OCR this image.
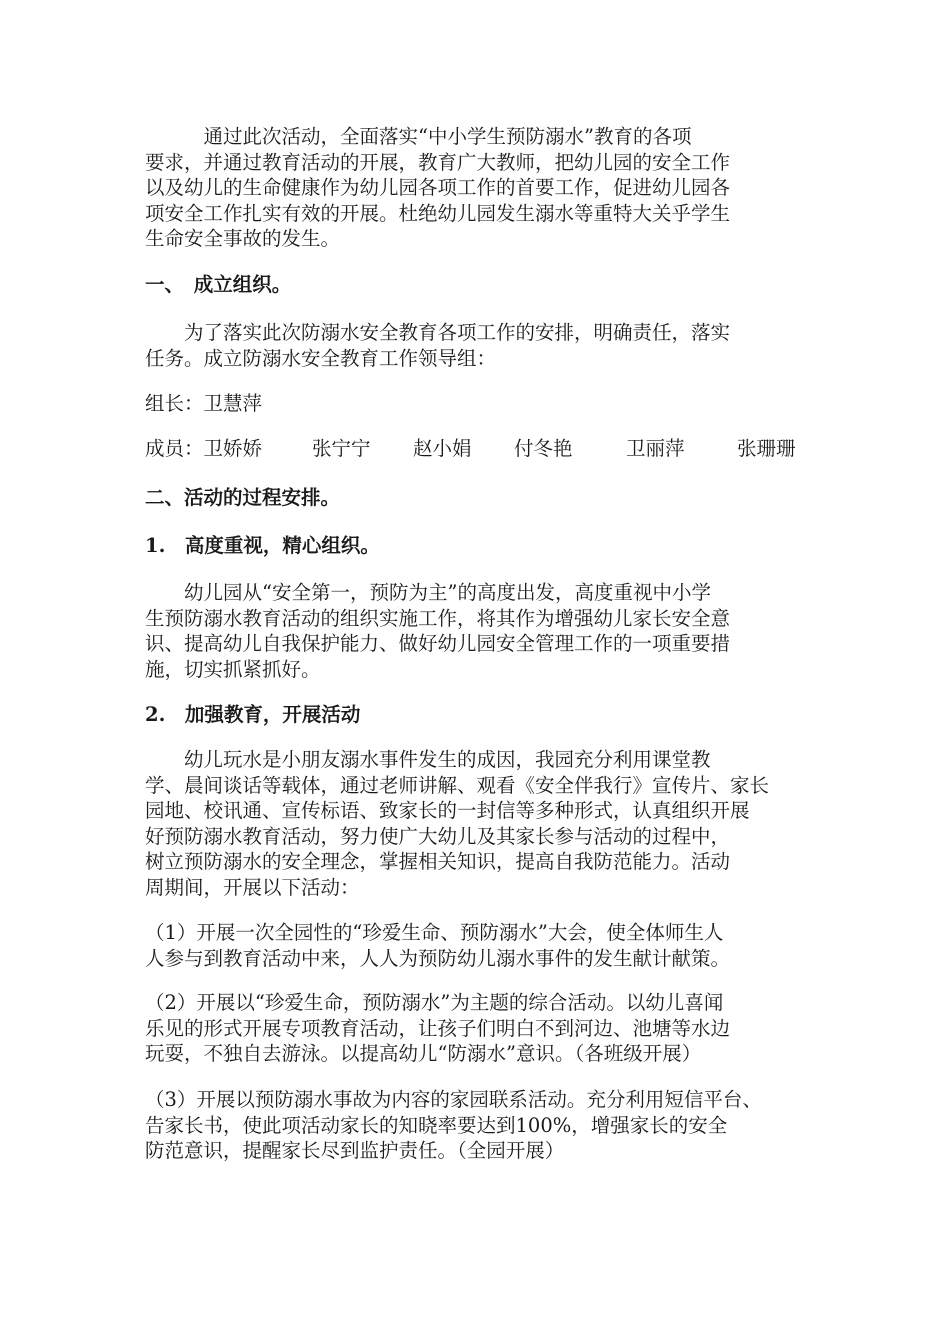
　　　通过此次活动，全面落实“中小学生预防溺水”教育的各项
要求，并通过教育活动的开展，教育广大教师，把幼儿园的安全工作
以及幼儿的生命健康作为幼儿园各项工作的首要工作，促进幼儿园各
项安全工作扎实有效的开展。杜绝幼儿园发生溺水等重特大关乎学生
生命安全事故的发生。
一、　成立组织。
　　为了落实此次防溺水安全教育各项工作的安排，明确责任，落实
任务。成立防溺水安全教育工作领导组：
组长：卫慧萍
成员：卫娇娇	张宁宁 赵小娟 付冬艳	卫丽萍	张珊珊
二、活动的过程安排。
1.　高度重视，精心组织。
　　幼儿园从“安全第一，预防为主”的高度出发，高度重视中小学
生预防溺水教育活动的组织实施工作，将其作为增强幼儿家长安全意
识、提高幼儿自我保护能力、做好幼儿园安全管理工作的一项重要措
施，切实抓紧抓好。
2.　加强教育，开展活动
　　幼儿玩水是小朋友溺水事件发生的成因，我园充分利用课堂教
学、晨间谈话等载体，通过老师讲解、观看《安全伴我行》宣传片、家长
园地、校讯通、宣传标语、致家长的一封信等多种形式，认真组织开展
好预防溺水教育活动，努力使广大幼儿及其家长参与活动的过程中，
树立预防溺水的安全理念，掌握相关知识，提高自我防范能力。活动
周期间，开展以下活动：
（1）开展一次全园性的“珍爱生命、预防溺水”大会，使全体师生人
人参与到教育活动中来，人人为预防幼儿溺水事件的发生献计献策。
（2）开展以“珍爱生命，预防溺水”为主题的综合活动。以幼儿喜闻
乐见的形式开展专项教育活动，让孩子们明白不到河边、池塘等水边
玩耍，不独自去游泳。以提高幼儿“防溺水”意识。（各班级开展）
（3）开展以预防溺水事故为内容的家园联系活动。充分利用短信平台、
告家长书，使此项活动家长的知晓率要达到100%，增强家长的安全
防范意识，提醒家长尽到监护责任。（全园开展）
